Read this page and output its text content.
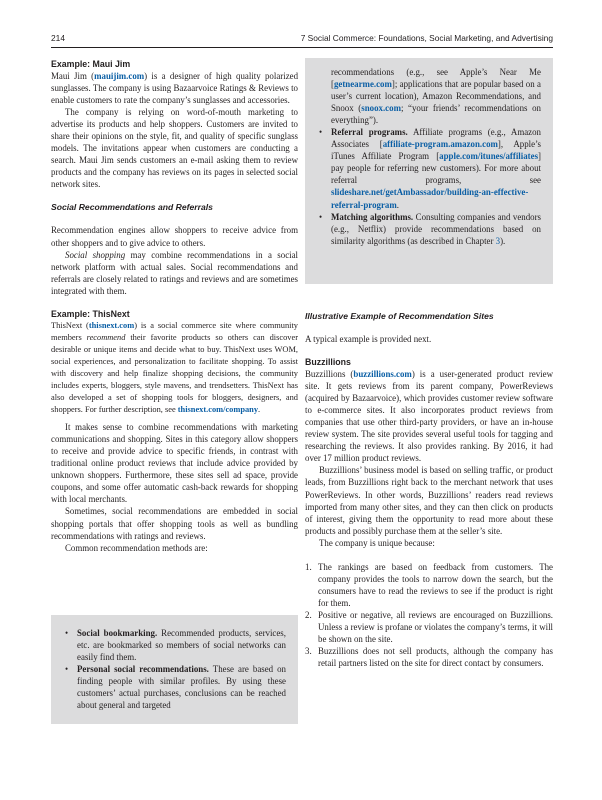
214	7 Social Commerce: Foundations, Social Marketing, and Advertising

Example: Maui Jim

Maui Jim (mauijim.com) is a designer of high quality polarized sunglasses. The company is using Bazaarvoice Ratings & Reviews to enable customers to rate the company’s sunglasses and accessories.

The company is relying on word-of-mouth marketing to advertise its products and help shoppers. Customers are invited to share their opinions on the style, fit, and quality of specific sunglass models. The invitations appear when customers are conducting a search. Maui Jim sends customers an e-mail asking them to review products and the company has reviews on its pages in selected social network sites.

Social Recommendations and Referrals

Recommendation engines allow shoppers to receive advice from other shoppers and to give advice to others.

Social shopping may combine recommendations in a social network platform with actual sales. Social recommendations and referrals are closely related to ratings and reviews and are sometimes integrated with them.

Example: ThisNext

ThisNext (thisnext.com) is a social commerce site where community members recommend their favorite products so others can discover desirable or unique items and decide what to buy. ThisNext uses WOM, social experiences, and personalization to facilitate shopping. To assist with discovery and help finalize shopping decisions, the community includes experts, bloggers, style mavens, and trendsetters. ThisNext has also developed a set of shopping tools for bloggers, designers, and shoppers. For further description, see thisnext.com/company.

It makes sense to combine recommendations with marketing communications and shopping. Sites in this category allow shoppers to receive and provide advice to specific friends, in contrast with traditional online product reviews that include advice provided by unknown shoppers. Furthermore, these sites sell ad space, provide coupons, and some offer automatic cash-back rewards for shopping with local merchants.

Sometimes, social recommendations are embedded in social shopping portals that offer shopping tools as well as bundling recommendations with ratings and reviews.

Common recommendation methods are:

• Social bookmarking. Recommended products, services, etc. are bookmarked so members of social networks can easily find them.
• Personal social recommendations. These are based on finding people with similar profiles. By using these customers’ actual purchases, conclusions can be reached about general and targeted

recommendations (e.g., see Apple’s Near Me [getnearme.com]; applications that are popular based on a user’s current location), Amazon Recommendations, and Snoox (snoox.com; “your friends’ recommendations on everything”).

• Referral programs. Affiliate programs (e.g., Amazon Associates [affiliate-program.amazon.com], Apple’s iTunes Affiliate Program [apple.com/itunes/affiliates] pay people for referring new customers). For more about referral programs, see slideshare.net/getAmbassador/building-an-effective-referral-program.
• Matching algorithms. Consulting companies and vendors (e.g., Netflix) provide recommendations based on similarity algorithms (as described in Chapter 3).

Illustrative Example of Recommendation Sites

A typical example is provided next.

Buzzillions

Buzzillions (buzzillions.com) is a user-generated product review site. It gets reviews from its parent company, PowerReviews (acquired by Bazaarvoice), which provides customer review software to e-commerce sites. It also incorporates product reviews from companies that use other third-party providers, or have an in-house review system. The site provides several useful tools for tagging and researching the reviews. It also provides ranking. By 2016, it had over 17 million product reviews.

Buzzillions’ business model is based on selling traffic, or product leads, from Buzzillions right back to the merchant network that uses PowerReviews. In other words, Buzzillions’ readers read reviews imported from many other sites, and they can then click on products of interest, giving them the opportunity to read more about these products and possibly purchase them at the seller’s site.

The company is unique because:

1. The rankings are based on feedback from customers. The company provides the tools to narrow down the search, but the consumers have to read the reviews to see if the product is right for them.
2. Positive or negative, all reviews are encouraged on Buzzillions. Unless a review is profane or violates the company’s terms, it will be shown on the site.
3. Buzzillions does not sell products, although the company has retail partners listed on the site for direct contact by consumers.
